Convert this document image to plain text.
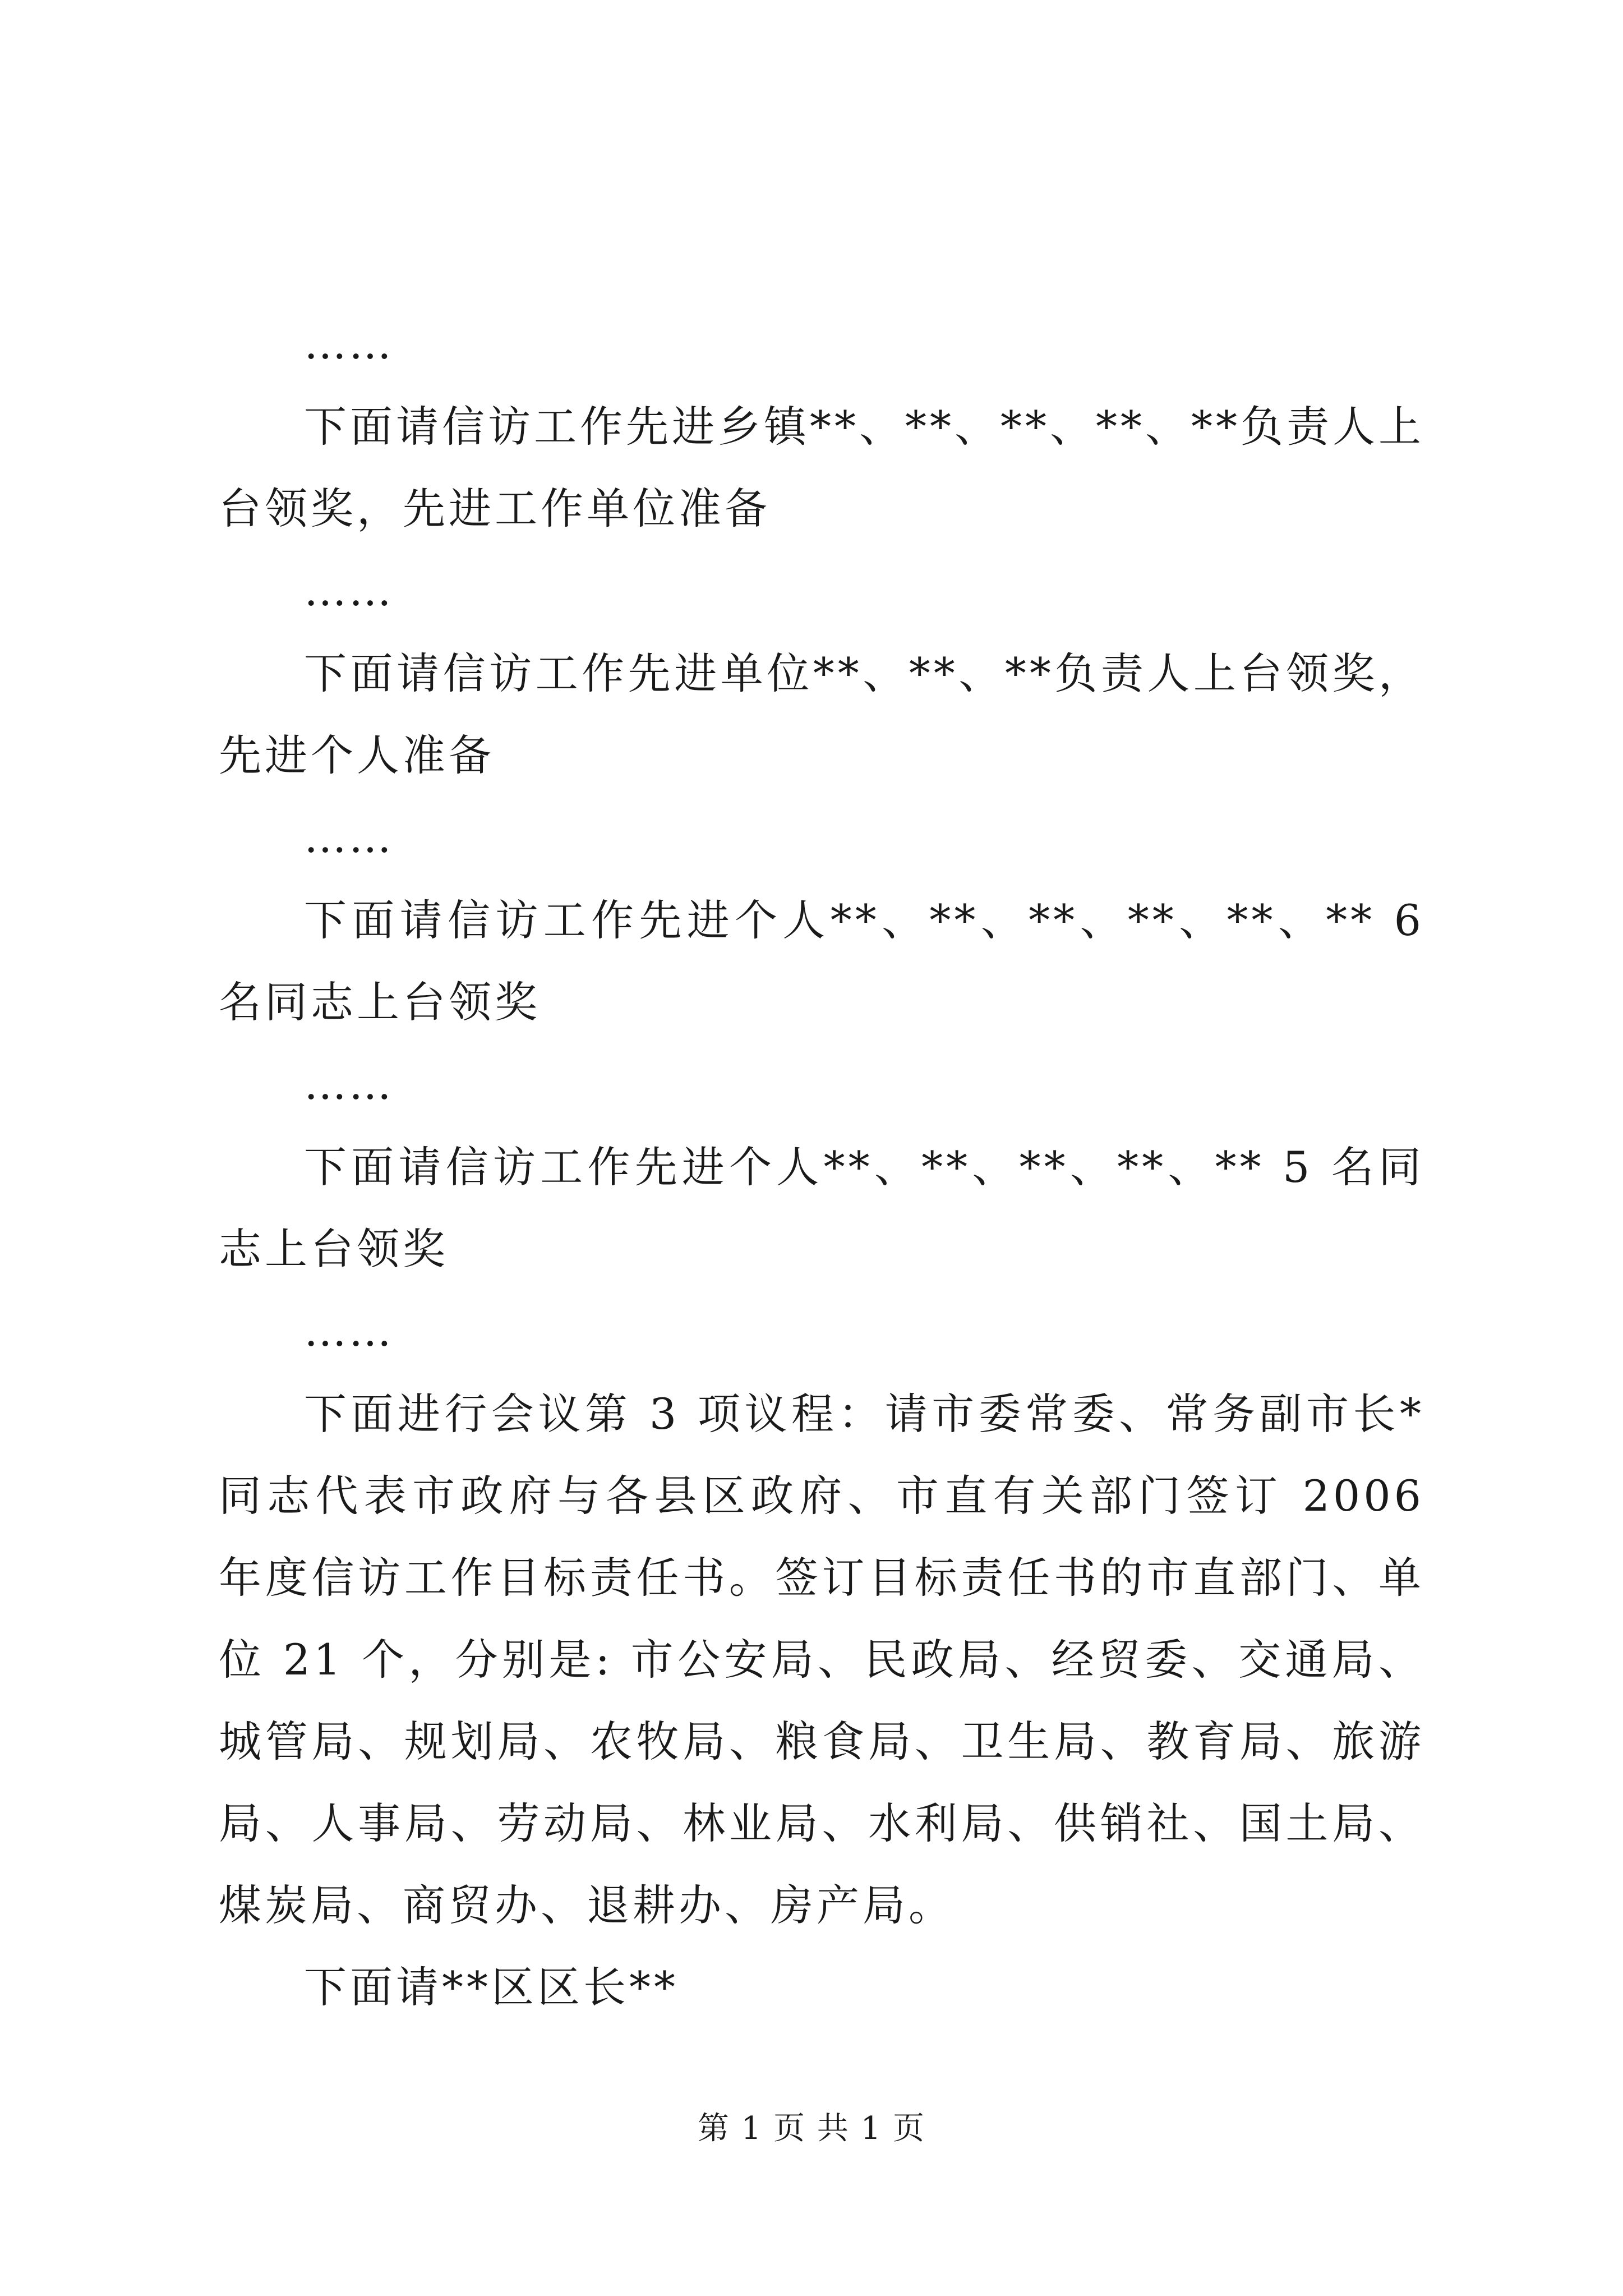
……

下面请信访工作先进乡镇**、**、**、**、**负责人上台领奖，先进工作单位准备

……

下面请信访工作先进单位**、**、**负责人上台领奖，先进个人准备

……

下面请信访工作先进个人**、**、**、**、**、** 6 名同志上台领奖

……

下面请信访工作先进个人**、**、**、**、** 5 名同志上台领奖

……

下面进行会议第 3 项议程：请市委常委、常务副市长*同志代表市政府与各县区政府、市直有关部门签订 2006 年度信访工作目标责任书。签订目标责任书的市直部门、单位 21 个，分别是: 市公安局、民政局、经贸委、交通局、城管局、规划局、农牧局、粮食局、卫生局、教育局、旅游局、人事局、劳动局、林业局、水利局、供销社、国土局、煤炭局、商贸办、退耕办、房产局。

下面请**区区长**

第 1 页 共 1 页
